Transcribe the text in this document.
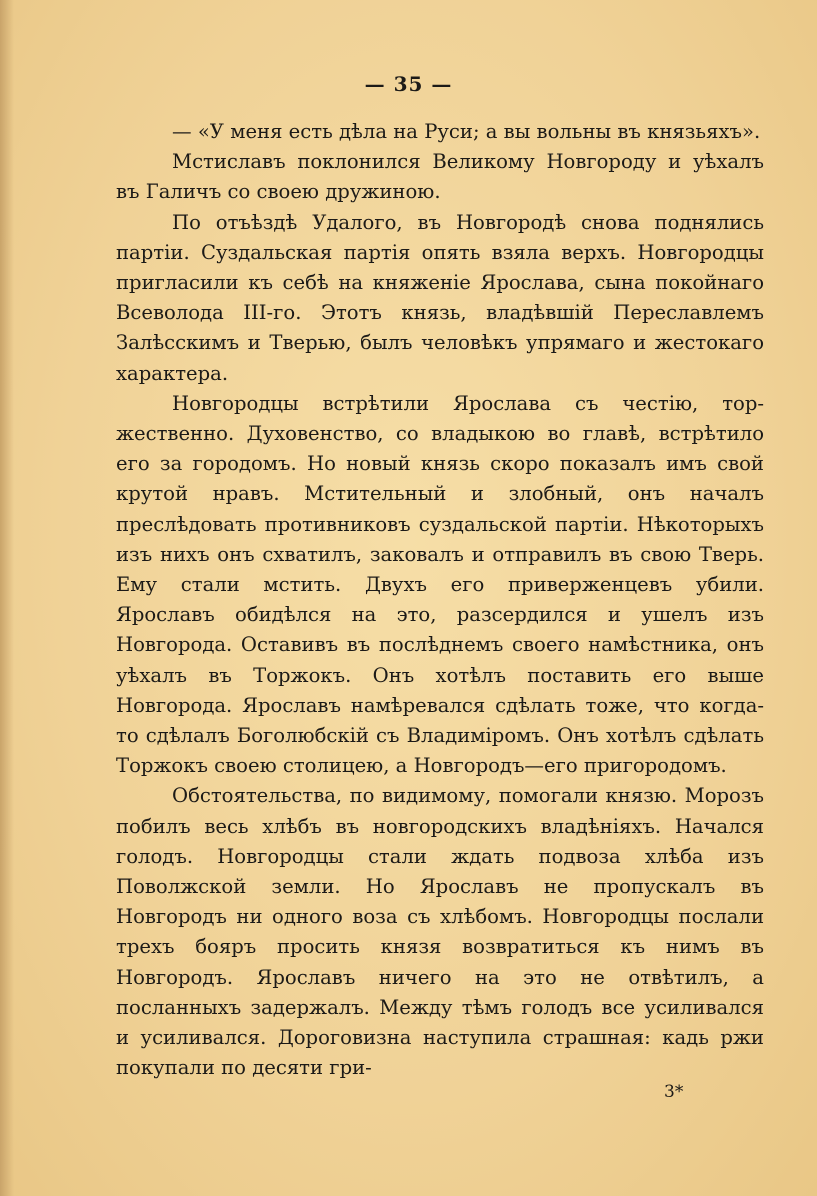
— 35 —

— «У меня есть дѣла на Руси; а вы вольны въ князьяхъ».

Мстиславъ поклонился Великому Новгороду и уѣхалъ въ Галичъ со своею дружиною.

По отъѣздѣ Удалого, въ Новгородѣ снова поднялись партіи. Суздальская партія опять взяла верхъ. Новгородцы пригласили къ себѣ на княженіе Ярослава, сына покойнаго Всеволода III-го. Этотъ князь, владѣвшій Переславлемъ Залѣсскимъ и Тверью, былъ человѣкъ упрямаго и жестокаго характера.

Новгородцы встрѣтили Ярослава съ честію, торжественно. Духовенство, со владыкою во главѣ, встрѣтило его за городомъ. Но новый князь скоро показалъ имъ свой крутой нравъ. Мстительный и злобный, онъ началъ преслѣдовать противниковъ суздальской партіи. Нѣкоторыхъ изъ нихъ онъ схватилъ, заковалъ и отправилъ въ свою Тверь. Ему стали мстить. Двухъ его приверженцевъ убили. Ярославъ обидѣлся на это, разсердился и ушелъ изъ Новгорода. Оставивъ въ послѣднемъ своего намѣстника, онъ уѣхалъ въ Торжокъ. Онъ хотѣлъ поставить его выше Новгорода. Ярославъ намѣревался сдѣлать тоже, что когда-то сдѣлалъ Боголюбскій съ Владиміромъ. Онъ хотѣлъ сдѣлать Торжокъ своею столицею, а Новгородъ—его пригородомъ.

Обстоятельства, по видимому, помогали князю. Морозъ побилъ весь хлѣбъ въ новгородскихъ владѣніяхъ. Начался голодъ. Новгородцы стали ждать подвоза хлѣба изъ Поволжской земли. Но Ярославъ не пропускалъ въ Новгородъ ни одного воза съ хлѣбомъ. Новгородцы послали трехъ бояръ просить князя возвратиться къ нимъ въ Новгородъ. Ярославъ ничего на это не отвѣтилъ, а посланныхъ задержалъ. Между тѣмъ голодъ все усиливался и усиливался. Дороговизна наступила страшная: кадь ржи покупали по десяти гри-

3*
